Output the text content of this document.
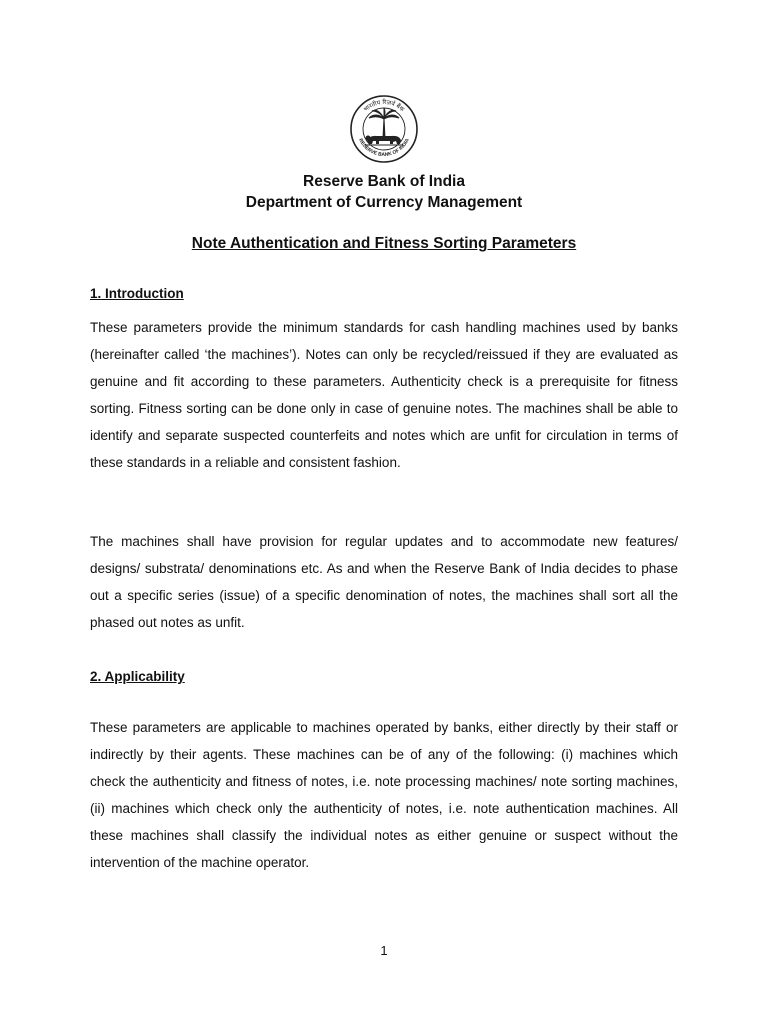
भारतीय रिज़र्व बैंक
RESERVE BANK OF INDIA
Reserve Bank of India
Department of Currency Management
Note Authentication and Fitness Sorting Parameters
1. Introduction

These parameters provide the minimum standards for cash handling machines used by banks (hereinafter called ‘the machines’). Notes can only be recycled/reissued if they are evaluated as genuine and fit according to these parameters. Authenticity check is a prerequisite for fitness sorting. Fitness sorting can be done only in case of genuine notes. The machines shall be able to identify and separate suspected counterfeits and notes which are unfit for circulation in terms of these standards in a reliable and consistent fashion.

The machines shall have provision for regular updates and to accommodate new features/ designs/ substrata/ denominations etc. As and when the Reserve Bank of India decides to phase out a specific series (issue) of a specific denomination of notes, the machines shall sort all the phased out notes as unfit.

2. Applicability

These parameters are applicable to machines operated by banks, either directly by their staff or indirectly by their agents. These machines can be of any of the following: (i) machines which check the authenticity and fitness of notes, i.e. note processing machines/ note sorting machines, (ii) machines which check only the authenticity of notes, i.e. note authentication machines. All these machines shall classify the individual notes as either genuine or suspect without the intervention of the machine operator.

1
